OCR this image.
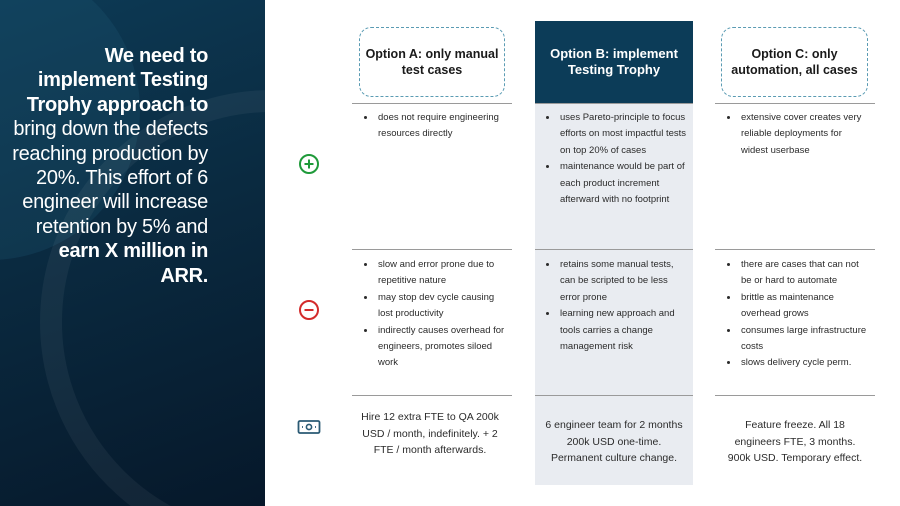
We need to implement Testing Trophy approach to bring down the defects reaching production by 20%. This effort of 6 engineer will increase retention by 5% and earn X million in ARR.
Option A: only manual test cases
Option B: implement Testing Trophy
Option C: only automation, all cases
• does not require engineering resources directly
• uses Pareto-principle to focus efforts on most impactful tests on top 20% of cases
• maintenance would be part of each product increment afterward with no footprint
• extensive cover creates very reliable deployments for widest userbase
• slow and error prone due to repetitive nature
• may stop dev cycle causing lost productivity
• indirectly causes overhead for engineers, promotes siloed work
• retains some manual tests, can be scripted to be less error prone
• learning new approach and tools carries a change management risk
• there are cases that can not be or hard to automate
• brittle as maintenance overhead grows
• consumes large infrastructure costs
• slows delivery cycle perm.
Hire 12 extra FTE to QA 200k USD / month, indefinitely. + 2 FTE / month afterwards.
6 engineer team for 2 months 200k USD one-time. Permanent culture change.
Feature freeze. All 18 engineers FTE, 3 months. 900k USD. Temporary effect.
